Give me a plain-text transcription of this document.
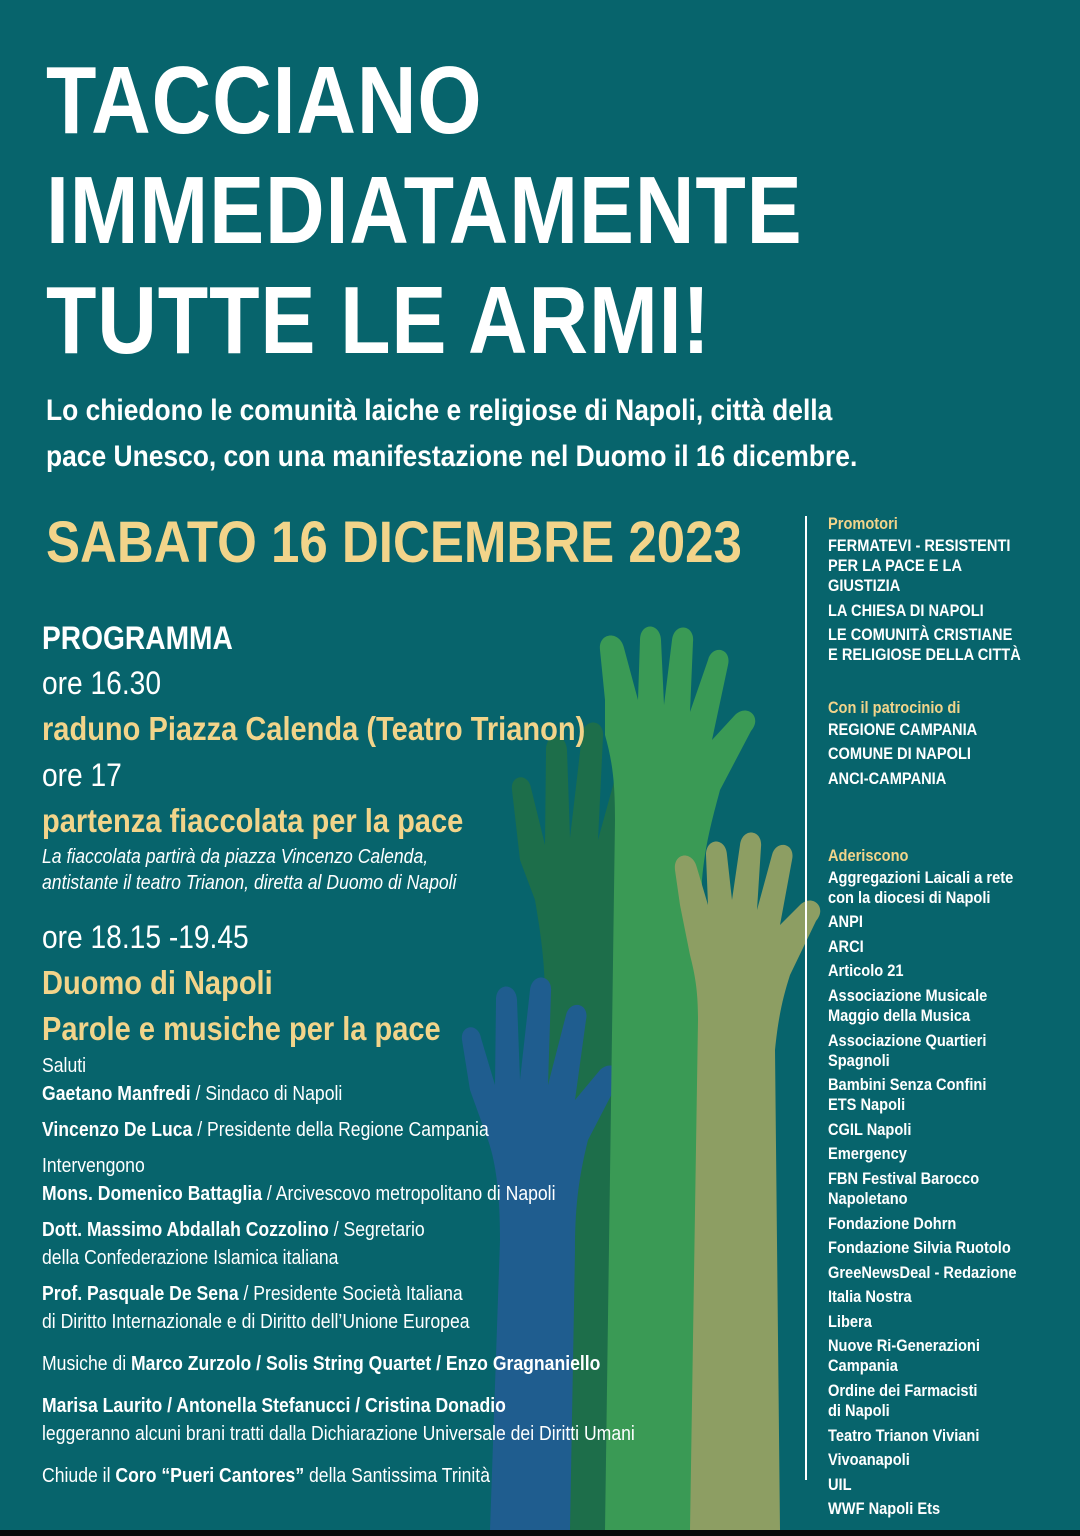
TACCIANO
IMMEDIATAMENTE
TUTTE LE ARMI!
Lo chiedono le comunità laiche e religiose di Napoli, città della
pace Unesco, con una manifestazione nel Duomo il 16 dicembre.
SABATO 16 DICEMBRE 2023
PROGRAMMA
ore 16.30
raduno Piazza Calenda (Teatro Trianon)
ore 17
partenza fiaccolata per la pace
La fiaccolata partirà da piazza Vincenzo Calenda,
antistante il teatro Trianon, diretta al Duomo di Napoli
ore 18.15 -19.45
Duomo di Napoli
Parole e musiche per la pace
Saluti
Gaetano Manfredi / Sindaco di Napoli
Vincenzo De Luca / Presidente della Regione Campania
Intervengono
Mons. Domenico Battaglia / Arcivescovo metropolitano di Napoli
Dott. Massimo Abdallah Cozzolino / Segretario
della Confederazione Islamica italiana
Prof. Pasquale De Sena / Presidente Società Italiana
di Diritto Internazionale e di Diritto dell’Unione Europea
Musiche di Marco Zurzolo / Solis String Quartet / Enzo Gragnaniello
Marisa Laurito / Antonella Stefanucci / Cristina Donadio
leggeranno alcuni brani tratti dalla Dichiarazione Universale dei Diritti Umani
Chiude il Coro “Pueri Cantores” della Santissima Trinità
Promotori
FERMATEVI - RESISTENTI
PER LA PACE E LA GIUSTIZIA
LA CHIESA DI NAPOLI
LE COMUNITÀ CRISTIANE
E RELIGIOSE DELLA CITTÀ
Con il patrocinio di
REGIONE CAMPANIA
COMUNE DI NAPOLI
ANCI-CAMPANIA
Aderiscono
Aggregazioni Laicali a rete
con la diocesi di Napoli
ANPI
ARCI
Articolo 21
Associazione Musicale
Maggio della Musica
Associazione Quartieri
Spagnoli
Bambini Senza Confini
ETS Napoli
CGIL Napoli
Emergency
FBN Festival Barocco
Napoletano
Fondazione Dohrn
Fondazione Silvia Ruotolo
GreeNewsDeal - Redazione
Italia Nostra
Libera
Nuove Ri-Generazioni
Campania
Ordine dei Farmacisti
di Napoli
Teatro Trianon Viviani
Vivoanapoli
UIL
WWF Napoli Ets
